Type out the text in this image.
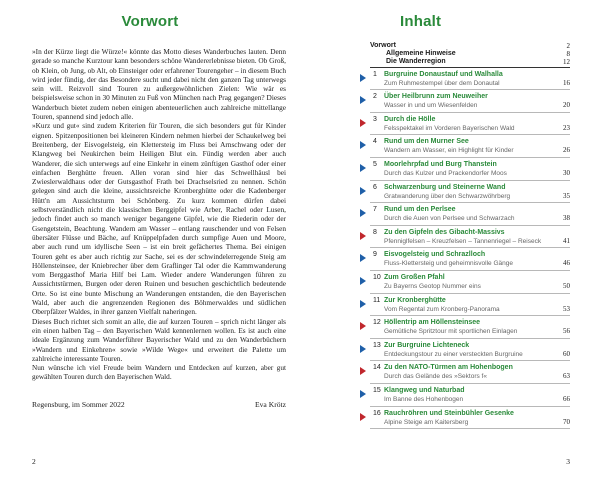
Vorwort

»In der Kürze liegt die Würze!« könnte das Motto dieses Wanderbuches lauten. Denn gerade so manche Kurztour kann besonders schöne Wandererlebnisse bieten. Ob Groß, ob Klein, ob Jung, ob Alt, ob Einsteiger oder erfahrener Tourengeher – in diesem Buch wird jeder fündig, der das Besondere sucht und dabei nicht den ganzen Tag unterwegs sein will. Reizvoll sind Touren zu außergewöhnlichen Zielen: Wie wär es beispielsweise schon in 30 Minuten zu Fuß von München nach Prag gegangen? Dieses Wanderbuch bietet zudem neben einigen abenteuerlichen auch zahlreiche mittellange Touren, spannend sind jedoch alle.

»Kurz und gut« sind zudem Kriterien für Touren, die sich besonders gut für Kinder eignen. Spitzenpositionen bei kleineren Kindern nehmen hierbei der Schaukelweg bei Breitenberg, der Eisvogelsteig, ein Klettersteig im Fluss bei Arnschwang oder der Klangweg bei Neukirchen beim Heiligen Blut ein. Fündig werden aber auch Wanderer, die sich unterwegs auf eine Einkehr in einem zünftigen Gasthof oder einer einfachen Berghütte freuen. Allen voran sind hier das Schwellhäusl bei Zwieslerwaldhaus oder der Gutsgasthof Frath bei Drachselsried zu nennen. Schön gelegen sind auch die kleine, aussichtsreiche Kronberghütte oder die Kadenberger Hütt'n am Aussichtsturm bei Schönberg. Zu kurz kommen dürfen dabei selbstverständlich nicht die klassischen Berggipfel wie Arber, Rachel oder Lusen, jedoch findet auch so manch weniger begangene Gipfel, wie die Riederin oder der Gsengetstein, Beachtung. Wandern am Wasser – entlang rauschender und von Felsen übersäter Flüsse und Bäche, auf Knüppelpfaden durch sumpfige Auen und Moore, aber auch rund um idyllische Seen – ist ein breit gefächertes Thema. Bei einigen Touren geht es aber auch richtig zur Sache, sei es der schwindelerregende Steig am Höllensteinsee, der Kniebrecher über dem Graflinger Tal oder die Kammwanderung vom Berggasthof Maria Hilf bei Lam. Wieder andere Wanderungen führen zu Aussichtstürmen, Burgen oder deren Ruinen und besuchen geschichtlich bedeutende Orte. So ist eine bunte Mischung an Wanderungen entstanden, die den Bayerischen Wald, aber auch die angrenzenden Regionen des Böhmerwaldes und südlichen Oberpfälzer Waldes, in ihrer ganzen Vielfalt naheringen.

Dieses Buch richtet sich somit an alle, die auf kurzen Touren – sprich nicht länger als ein einen halben Tag – den Bayerischen Wald kennenlernen wollen. Es ist auch eine ideale Ergänzung zum Wanderführer Bayerischer Wald und zu den Wanderbüchern »Wandern und Einkehren« sowie »Wilde Wege« und erweitert die Palette um zahlreiche interessante Touren.

Nun wünsche ich viel Freude beim Wandern und Entdecken auf kurzen, aber gut gewählten Touren durch den Bayerischen Wald.

Regensburg, im Sommer 2022	Eva Krötz
2
Inhalt
Vorwort	2
Allgemeine Hinweise	8
Die Wanderregion	12
1 Burgruine Donaustauf und Walhalla
Zum Ruhmestempel über dem Donautal	16
2 Über Heilbrunn zum Neuweiher
Wasser in und um Wiesenfelden	20
3 Durch die Hölle
Felsspektakel im Vorderen Bayerischen Wald	23
4 Rund um den Murner See
Wandern am Wasser, ein Highlight für Kinder	26
5 Moorlehrpfad und Burg Thanstein
Durch das Kulzer und Prackendorfer Moos	30
6 Schwarzenburg und Steinerne Wand
Gratwanderung über den Schwarzwöhrberg	35
7 Rund um den Perlsee
Durch die Auen von Perlsee und Schwarzach	38
8 Zu den Gipfeln des Gibacht-Massivs
Pfenniglfelsen – Kreuzfelsen – Tannenriegel – Reiseck	41
9 Eisvogelsteig und Schrazlloch
Fluss-Klettersteig und geheimnisvolle Gänge	46
10 Zum Großen Pfahl
Zu Bayerns Geotop Nummer eins	50
11 Zur Kronberghütte
Vom Regental zum Kronberg-Panorama	53
12 Höllentrip am Höllensteinsee
Gemütliche Spritztour mit sportlichen Einlagen	56
13 Zur Burgruine Lichteneck
Entdeckungstour zu einer versteckten Burgruine	60
14 Zu den NATO-Türmen am Hohenbogen
Durch das Gelände des »Sektors f«	63
15 Klangweg und Naturbad
Im Banne des Hohenbogen	66
16 Rauchröhren und Steinbühler Gesenke
Alpine Steige am Kaitersberg	70
3
